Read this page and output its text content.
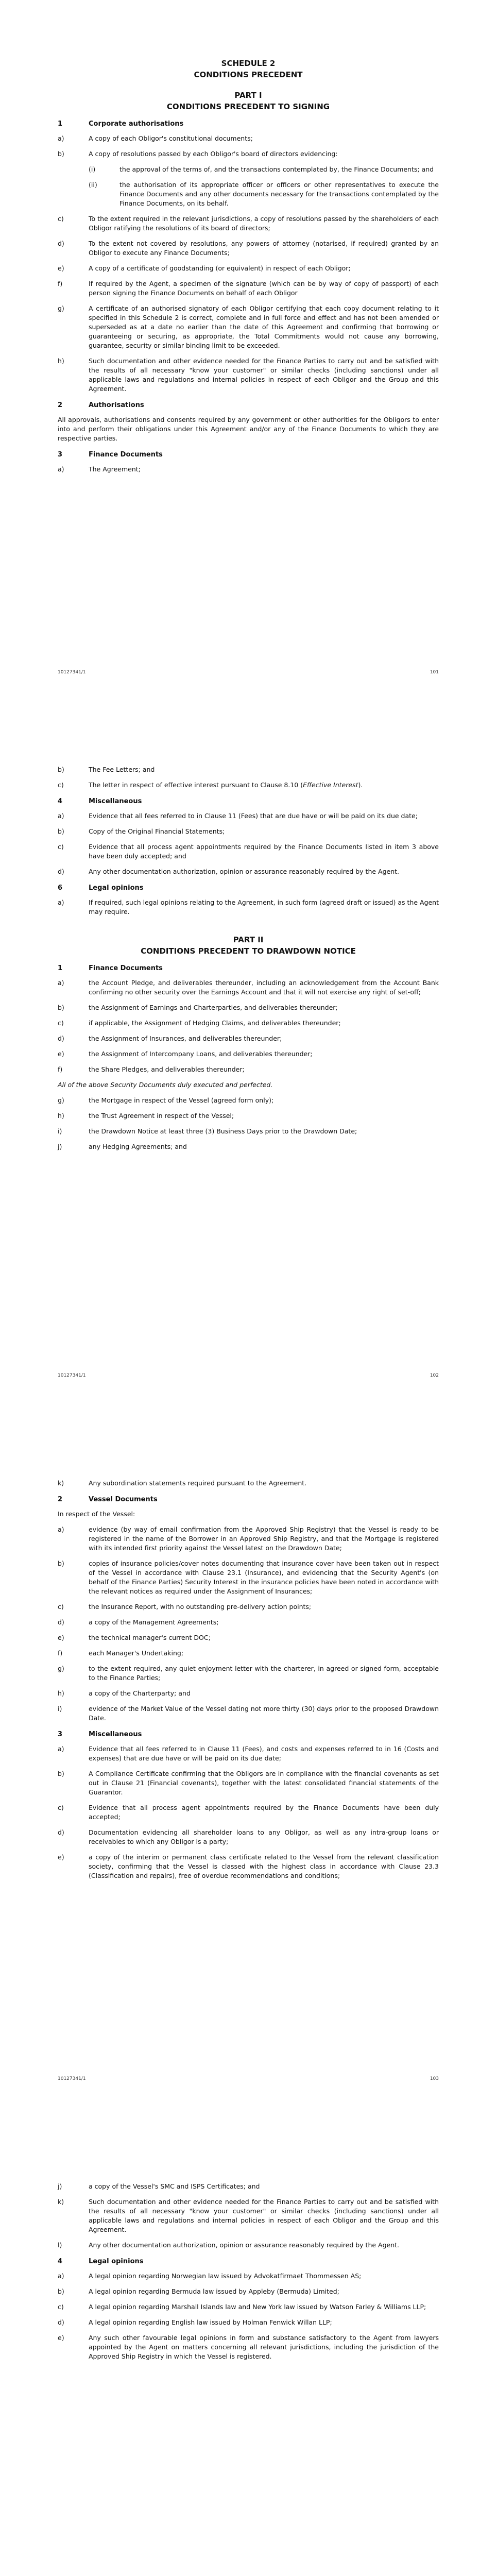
SCHEDULE 2
CONDITIONS PRECEDENT
PART I
CONDITIONS PRECEDENT TO SIGNING
1	Corporate authorisations
a)	A copy of each Obligor's constitutional documents;
b)	A copy of resolutions passed by each Obligor's board of directors evidencing:
(i)	the approval of the terms of, and the transactions contemplated by, the Finance Documents; and
(ii)	the authorisation of its appropriate officer or officers or other representatives to execute the Finance Documents and any other documents necessary for the transactions contemplated by the Finance Documents, on its behalf.
c)	To the extent required in the relevant jurisdictions, a copy of resolutions passed by the shareholders of each Obligor ratifying the resolutions of its board of directors;
d)	To the extent not covered by resolutions, any powers of attorney (notarised, if required) granted by an Obligor to execute any Finance Documents;
e)	A copy of a certificate of goodstanding (or equivalent) in respect of each Obligor;
f)	If required by the Agent, a specimen of the signature (which can be by way of copy of passport) of each person signing the Finance Documents on behalf of each Obligor
g)	A certificate of an authorised signatory of each Obligor certifying that each copy document relating to it specified in this Schedule 2 is correct, complete and in full force and effect and has not been amended or superseded as at a date no earlier than the date of this Agreement and confirming that borrowing or guaranteeing or securing, as appropriate, the Total Commitments would not cause any borrowing, guarantee, security or similar binding limit to be exceeded.
h)	Such documentation and other evidence needed for the Finance Parties to carry out and be satisfied with the results of all necessary "know your customer" or similar checks (including sanctions) under all applicable laws and regulations and internal policies in respect of each Obligor and the Group and this Agreement.
2	Authorisations
All approvals, authorisations and consents required by any government or other authorities for the Obligors to enter into and perform their obligations under this Agreement and/or any of the Finance Documents to which they are respective parties.
3	Finance Documents
a)	The Agreement;
10127341/1	101
b)	The Fee Letters; and
c)	The letter in respect of effective interest pursuant to Clause 8.10 (Effective Interest).
4	Miscellaneous
a)	Evidence that all fees referred to in Clause 11 (Fees) that are due have or will be paid on its due date;
b)	Copy of the Original Financial Statements;
c)	Evidence that all process agent appointments required by the Finance Documents listed in item 3 above have been duly accepted; and
d)	Any other documentation authorization, opinion or assurance reasonably required by the Agent.
6	Legal opinions
a)	If required, such legal opinions relating to the Agreement, in such form (agreed draft or issued) as the Agent may require.
PART II
CONDITIONS PRECEDENT TO DRAWDOWN NOTICE
1	Finance Documents
a)	the Account Pledge, and deliverables thereunder, including an acknowledgement from the Account Bank confirming no other security over the Earnings Account and that it will not exercise any right of set-off;
b)	the Assignment of Earnings and Charterparties, and deliverables thereunder;
c)	if applicable, the Assignment of Hedging Claims, and deliverables thereunder;
d)	the Assignment of Insurances, and deliverables thereunder;
e)	the Assignment of Intercompany Loans, and deliverables thereunder;
f)	the Share Pledges, and deliverables thereunder;
All of the above Security Documents duly executed and perfected.
g)	the Mortgage in respect of the Vessel (agreed form only);
h)	the Trust Agreement in respect of the Vessel;
i)	the Drawdown Notice at least three (3) Business Days prior to the Drawdown Date;
j)	any Hedging Agreements; and
10127341/1	102
k)	Any subordination statements required pursuant to the Agreement.
2	Vessel Documents
In respect of the Vessel:
a)	evidence (by way of email confirmation from the Approved Ship Registry) that the Vessel is ready to be registered in the name of the Borrower in an Approved Ship Registry, and that the Mortgage is registered with its intended first priority against the Vessel latest on the Drawdown Date;
b)	copies of insurance policies/cover notes documenting that insurance cover have been taken out in respect of the Vessel in accordance with Clause 23.1 (Insurance), and evidencing that the Security Agent's (on behalf of the Finance Parties) Security Interest in the insurance policies have been noted in accordance with the relevant notices as required under the Assignment of Insurances;
c)	the Insurance Report, with no outstanding pre-delivery action points;
d)	a copy of the Management Agreements;
e)	the technical manager's current DOC;
f)	each Manager's Undertaking;
g)	to the extent required, any quiet enjoyment letter with the charterer, in agreed or signed form, acceptable to the Finance Parties;
h)	a copy of the Charterparty; and
i)	evidence of the Market Value of the Vessel dating not more thirty (30) days prior to the proposed Drawdown Date.
3	Miscellaneous
a)	Evidence that all fees referred to in Clause 11 (Fees), and costs and expenses referred to in 16 (Costs and expenses) that are due have or will be paid on its due date;
b)	A Compliance Certificate confirming that the Obligors are in compliance with the financial covenants as set out in Clause 21 (Financial covenants), together with the latest consolidated financial statements of the Guarantor.
c)	Evidence that all process agent appointments required by the Finance Documents have been duly accepted;
d)	Documentation evidencing all shareholder loans to any Obligor, as well as any intra-group loans or receivables to which any Obligor is a party;
e)	a copy of the interim or permanent class certificate related to the Vessel from the relevant classification society, confirming that the Vessel is classed with the highest class in accordance with Clause 23.3 (Classification and repairs), free of overdue recommendations and conditions;
10127341/1	103
j)	a copy of the Vessel's SMC and ISPS Certificates; and
k)	Such documentation and other evidence needed for the Finance Parties to carry out and be satisfied with the results of all necessary "know your customer" or similar checks (including sanctions) under all applicable laws and regulations and internal policies in respect of each Obligor and the Group and this Agreement.
l)	Any other documentation authorization, opinion or assurance reasonably required by the Agent.
4	Legal opinions
a)	A legal opinion regarding Norwegian law issued by Advokatfirmaet Thommessen AS;
b)	A legal opinion regarding Bermuda law issued by Appleby (Bermuda) Limited;
c)	A legal opinion regarding Marshall Islands law and New York law issued by Watson Farley & Williams LLP;
d)	A legal opinion regarding English law issued by Holman Fenwick Willan LLP;
e)	Any such other favourable legal opinions in form and substance satisfactory to the Agent from lawyers appointed by the Agent on matters concerning all relevant jurisdictions, including the jurisdiction of the Approved Ship Registry in which the Vessel is registered.
